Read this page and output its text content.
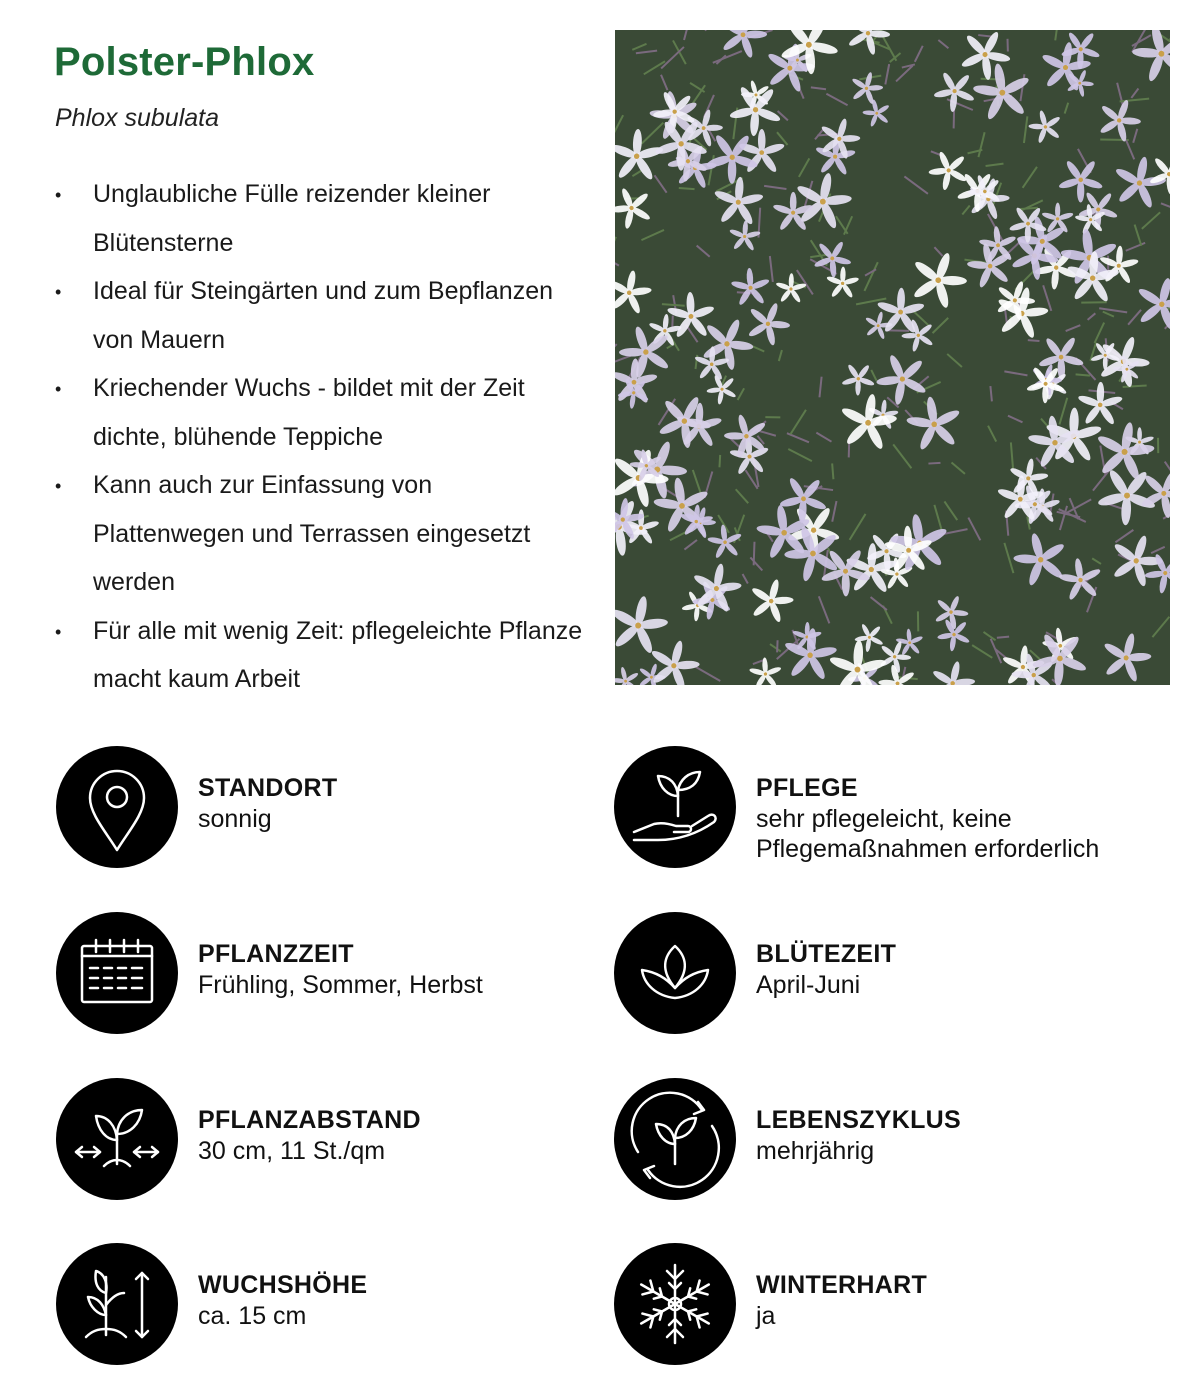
Polster-Phlox
Phlox subulata
• Unglaubliche Fülle reizender kleiner Blütensterne
• Ideal für Steingärten und zum Bepflanzen von Mauern
• Kriechender Wuchs - bildet mit der Zeit dichte, blühende Teppiche
• Kann auch zur Einfassung von Plattenwegen und Terrassen eingesetzt werden
• Für alle mit wenig Zeit: pflegeleichte Pflanze macht kaum Arbeit
STANDORT
sonnig
PFLEGE
sehr pflegeleicht, keine Pflegemaßnahmen erforderlich
PFLANZZEIT
Frühling, Sommer, Herbst
BLÜTEZEIT
April-Juni
PFLANZABSTAND
30 cm, 11 St./qm
LEBENSZYKLUS
mehrjährig
WUCHSHÖHE
ca. 15 cm
WINTERHART
ja
